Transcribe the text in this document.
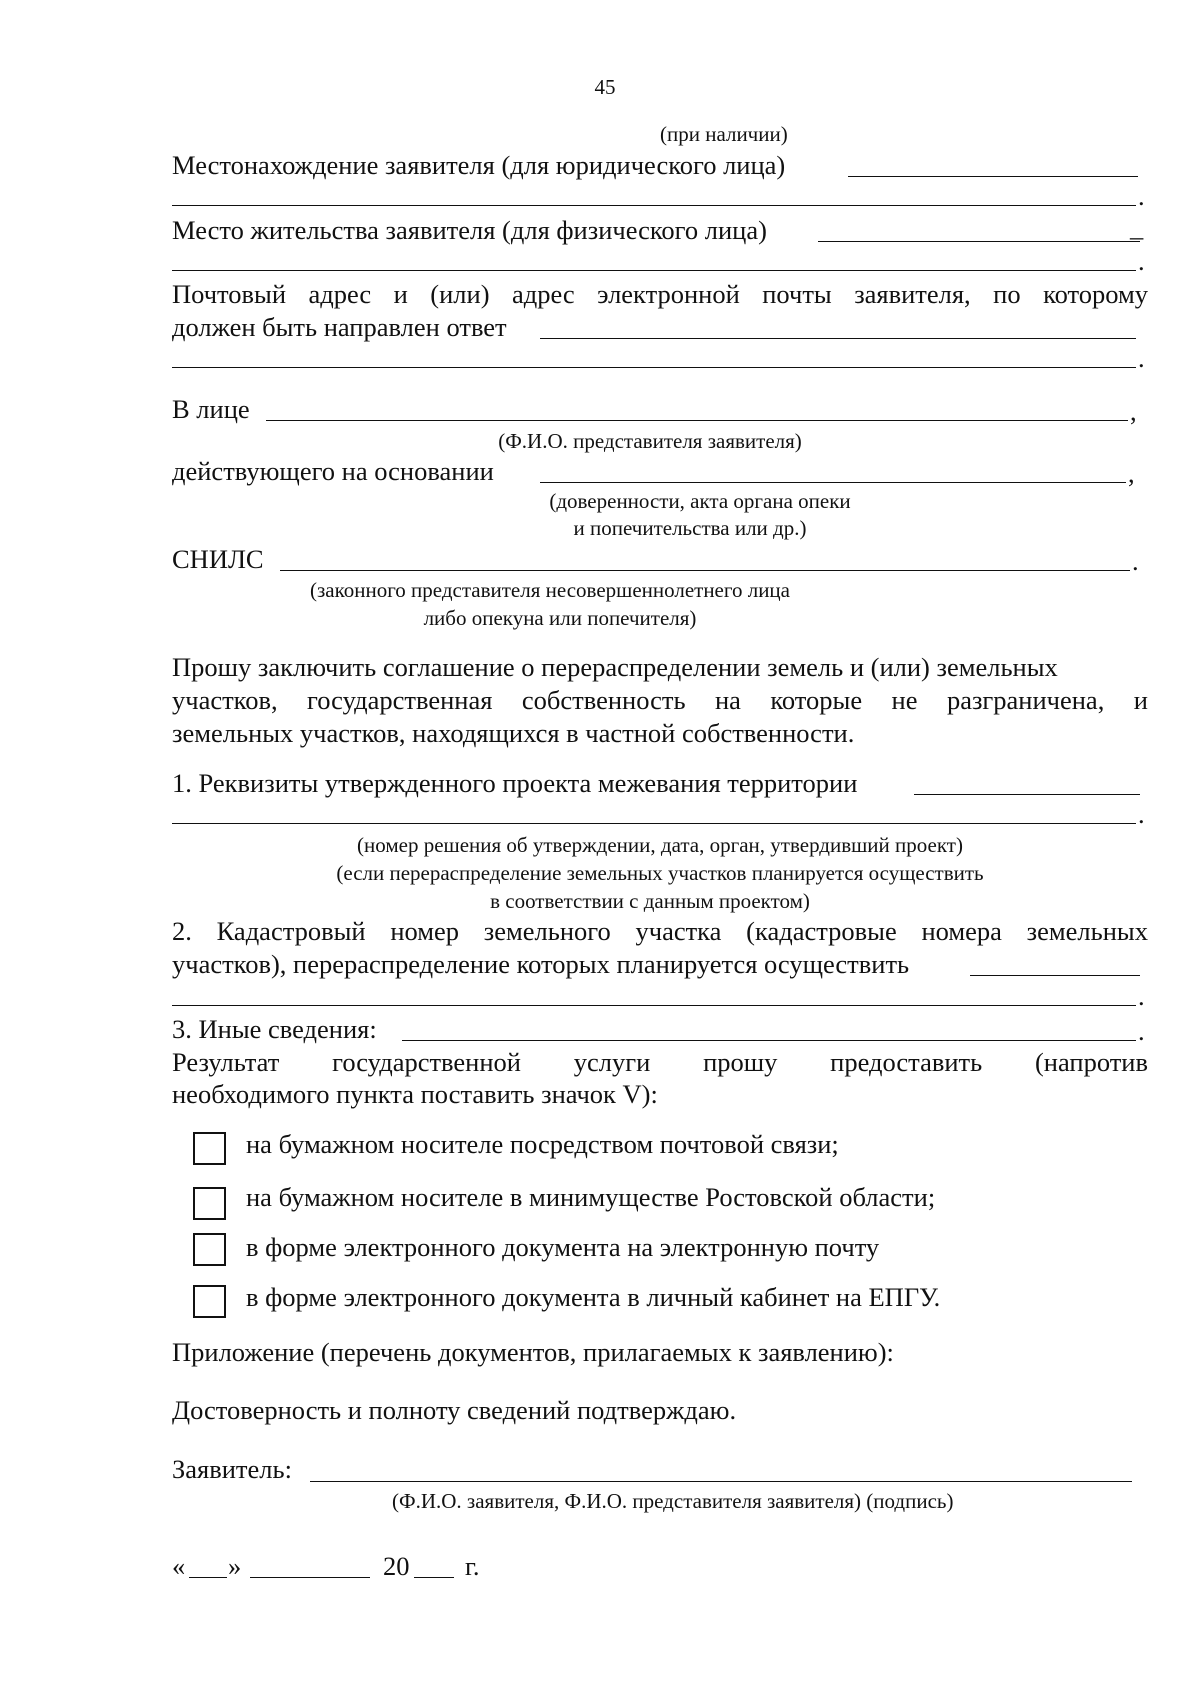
45
(при наличии)
Местонахождение заявителя (для юридического лица)
.
Место жительства заявителя (для физического лица)	_
.
Почтовый адрес и (или) адрес электронной почты заявителя, по которому
должен быть направлен ответ
.
В лице	,
(Ф.И.О. представителя заявителя)
действующего на основании	,
(доверенности, акта органа опеки
и попечительства или др.)
СНИЛС	.
(законного представителя несовершеннолетнего лица
либо опекуна или попечителя)
Прошу заключить соглашение о перераспределении земель и (или) земельных
участков, государственная собственность на которые не разграничена, и
земельных участков, находящихся в частной собственности.
1. Реквизиты утвержденного проекта межевания территории
.
(номер решения об утверждении, дата, орган, утвердивший проект)
(если перераспределение земельных участков планируется осуществить
в соответствии с данным проектом)
2. Кадастровый номер земельного участка (кадастровые номера земельных
участков), перераспределение которых планируется осуществить
.
3. Иные сведения:	.
Результат государственной услуги прошу предоставить (напротив
необходимого пункта поставить значок V):
на бумажном носителе посредством почтовой связи;
на бумажном носителе в минимуществе Ростовской области;
в форме электронного документа на электронную почту
в форме электронного документа в личный кабинет на ЕПГУ.
Приложение (перечень документов, прилагаемых к заявлению):
Достоверность и полноту сведений подтверждаю.
Заявитель:
(Ф.И.О. заявителя, Ф.И.О. представителя заявителя) (подпись)
« »	20 г.
